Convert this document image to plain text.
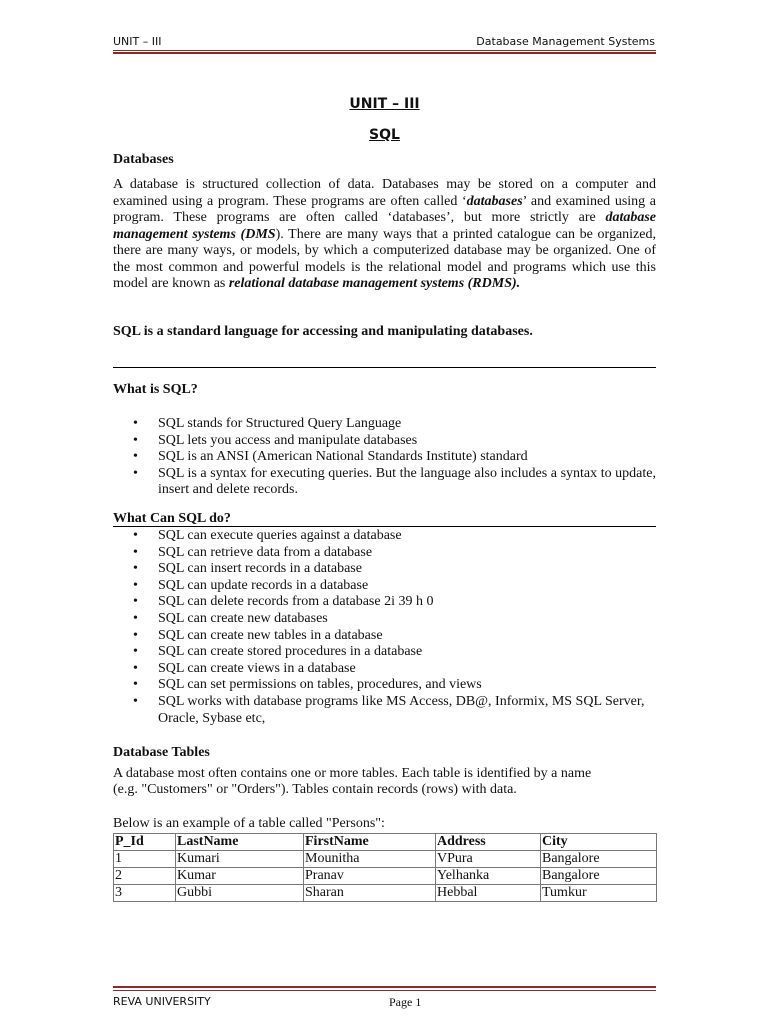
UNIT – III	Database Management Systems
UNIT – III
SQL
Databases
A database is structured collection of data. Databases may be stored on a computer and examined using a program. These programs are often called ‘databases’ and examined using a program. These programs are often called ‘databases’, but more strictly are database management systems (DMS). There are many ways that a printed catalogue can be organized, there are many ways, or models, by which a computerized database may be organized. One of the most common and powerful models is the relational model and programs which use this model are known as relational database management systems (RDMS).
SQL is a standard language for accessing and manipulating databases.
What is SQL?
• SQL stands for Structured Query Language
• SQL lets you access and manipulate databases
• SQL is an ANSI (American National Standards Institute) standard
• SQL is a syntax for executing queries. But the language also includes a syntax to update, insert and delete records.
What Can SQL do?
• SQL can execute queries against a database
• SQL can retrieve data from a database
• SQL can insert records in a database
• SQL can update records in a database
• SQL can delete records from a database 2i 39 h 0
• SQL can create new databases
• SQL can create new tables in a database
• SQL can create stored procedures in a database
• SQL can create views in a database
• SQL can set permissions on tables, procedures, and views
• SQL works with database programs like MS Access, DB@, Informix, MS SQL Server, Oracle, Sybase etc,
Database Tables
A database most often contains one or more tables. Each table is identified by a name
(e.g. "Customers" or "Orders"). Tables contain records (rows) with data.
Below is an example of a table called "Persons":
P_Id	LastName	FirstName	Address	City
1	Kumari	Mounitha	VPura	Bangalore
2	Kumar	Pranav	Yelhanka	Bangalore
3	Gubbi	Sharan	Hebbal	Tumkur
REVA UNIVERSITY	Page 1
